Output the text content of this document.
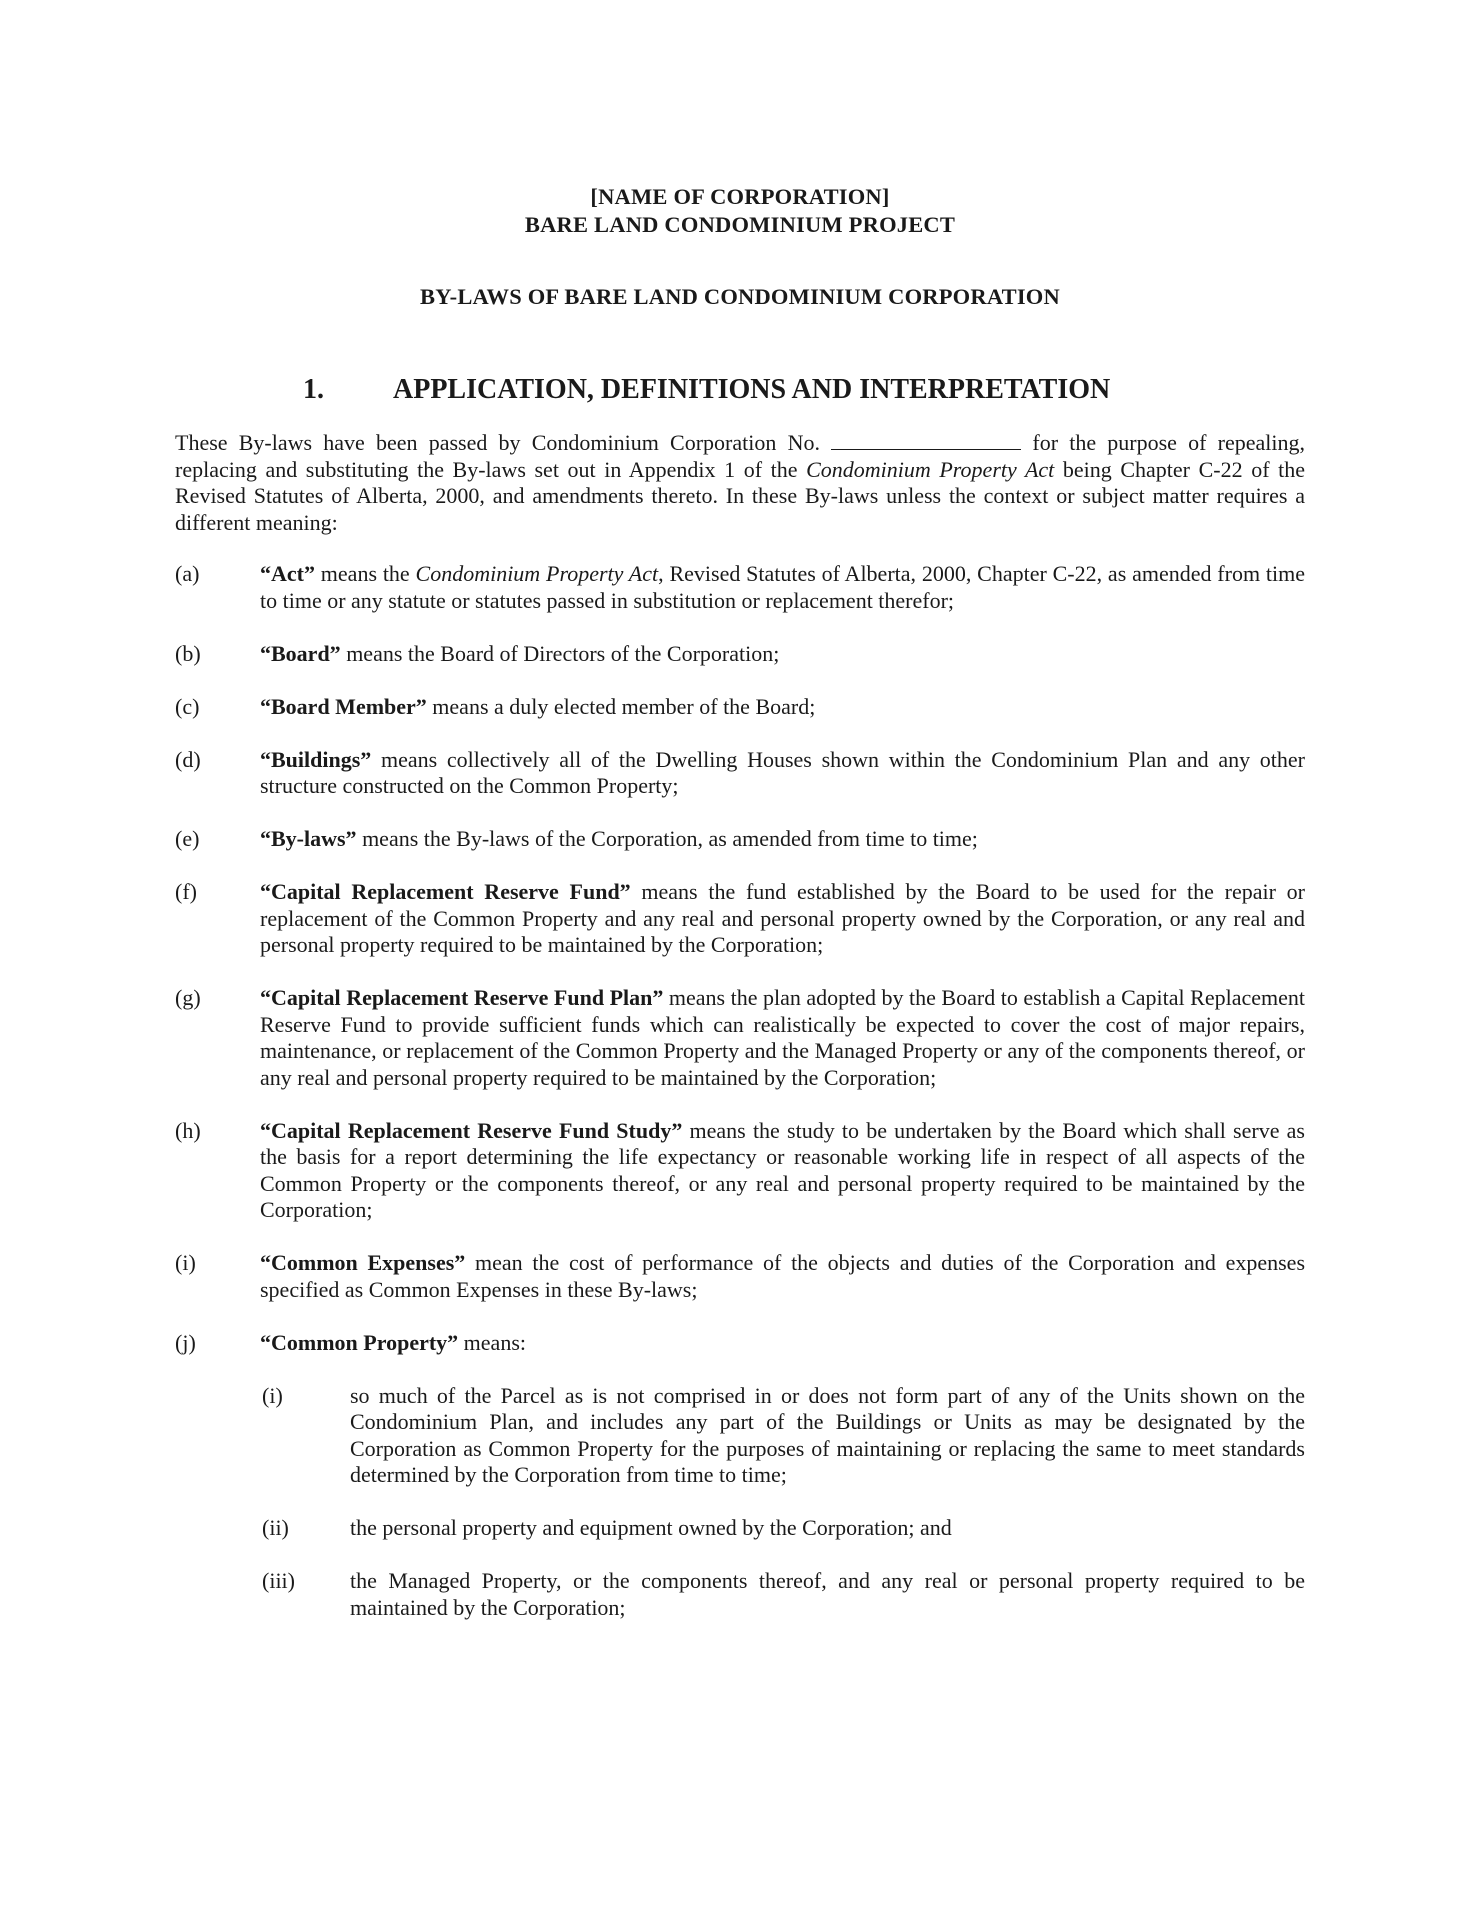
[NAME OF CORPORATION]
BARE LAND CONDOMINIUM PROJECT
BY-LAWS OF BARE LAND CONDOMINIUM CORPORATION
1. APPLICATION, DEFINITIONS AND INTERPRETATION
These By-laws have been passed by Condominium Corporation No.	for the purpose of repealing, replacing and substituting the By-laws set out in Appendix 1 of the Condominium Property Act being Chapter C-22 of the Revised Statutes of Alberta, 2000, and amendments thereto. In these By-laws unless the context or subject matter requires a different meaning:
(a)	“Act” means the Condominium Property Act, Revised Statutes of Alberta, 2000, Chapter C-22, as amended from time to time or any statute or statutes passed in substitution or replacement therefor;
(b)	“Board” means the Board of Directors of the Corporation;
(c)	“Board Member” means a duly elected member of the Board;
(d)	“Buildings” means collectively all of the Dwelling Houses shown within the Condominium Plan and any other structure constructed on the Common Property;
(e)	“By-laws” means the By-laws of the Corporation, as amended from time to time;
(f)	“Capital Replacement Reserve Fund” means the fund established by the Board to be used for the repair or replacement of the Common Property and any real and personal property owned by the Corporation, or any real and personal property required to be maintained by the Corporation;
(g)	“Capital Replacement Reserve Fund Plan” means the plan adopted by the Board to establish a Capital Replacement Reserve Fund to provide sufficient funds which can realistically be expected to cover the cost of major repairs, maintenance, or replacement of the Common Property and the Managed Property or any of the components thereof, or any real and personal property required to be maintained by the Corporation;
(h)	“Capital Replacement Reserve Fund Study” means the study to be undertaken by the Board which shall serve as the basis for a report determining the life expectancy or reasonable working life in respect of all aspects of the Common Property or the components thereof, or any real and personal property required to be maintained by the Corporation;
(i)	“Common Expenses” mean the cost of performance of the objects and duties of the Corporation and expenses specified as Common Expenses in these By-laws;
(j)	“Common Property” means:
(i)	so much of the Parcel as is not comprised in or does not form part of any of the Units shown on the Condominium Plan, and includes any part of the Buildings or Units as may be designated by the Corporation as Common Property for the purposes of maintaining or replacing the same to meet standards determined by the Corporation from time to time;
(ii)	the personal property and equipment owned by the Corporation; and
(iii)	the Managed Property, or the components thereof, and any real or personal property required to be maintained by the Corporation;
